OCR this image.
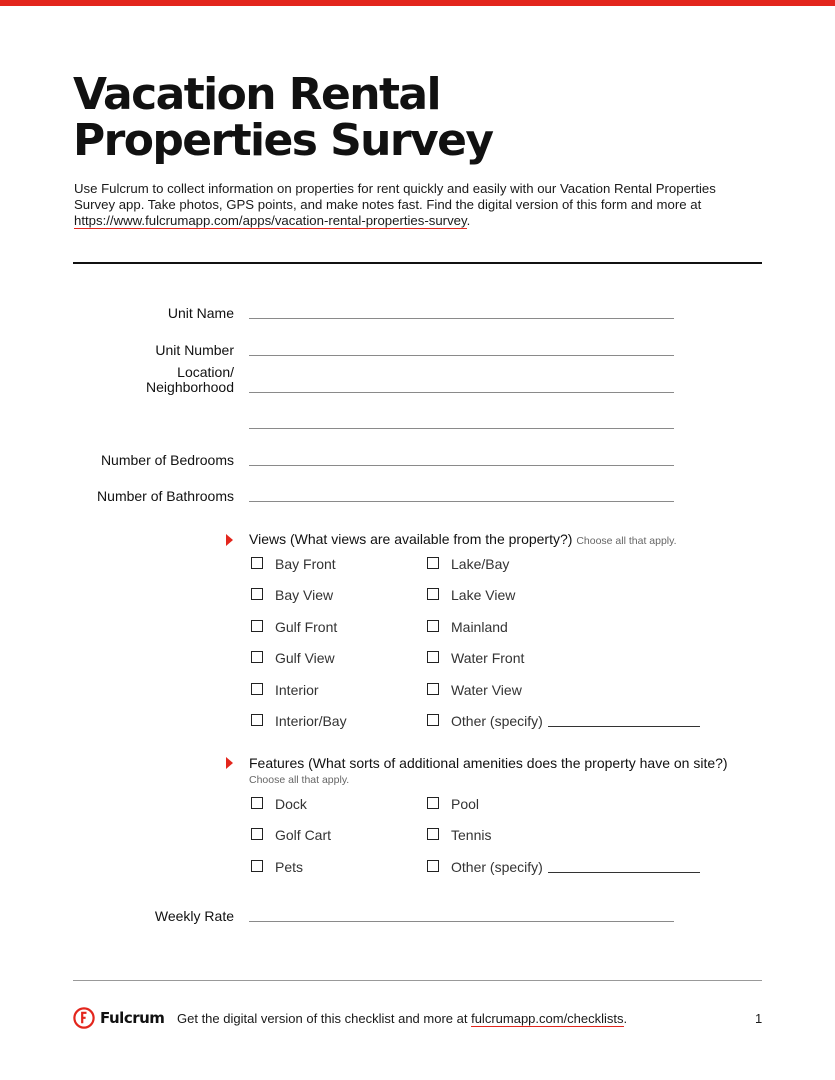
Vacation Rental
Properties Survey
Use Fulcrum to collect information on properties for rent quickly and easily with our Vacation Rental Properties Survey app. Take photos, GPS points, and make notes fast. Find the digital version of this form and more at https://www.fulcrumapp.com/apps/vacation-rental-properties-survey.
Unit Name
Unit Number
Location/
Neighborhood
Number of Bedrooms
Number of Bathrooms
Views (What views are available from the property?) Choose all that apply.
Bay Front
Bay View
Gulf Front
Gulf View
Interior
Interior/Bay
Lake/Bay
Lake View
Mainland
Water Front
Water View
Other (specify)
Features (What sorts of additional amenities does the property have on site?) Choose all that apply.
Dock
Golf Cart
Pets
Pool
Tennis
Other (specify)
Weekly Rate
Fulcrum Get the digital version of this checklist and more at fulcrumapp.com/checklists.	1
